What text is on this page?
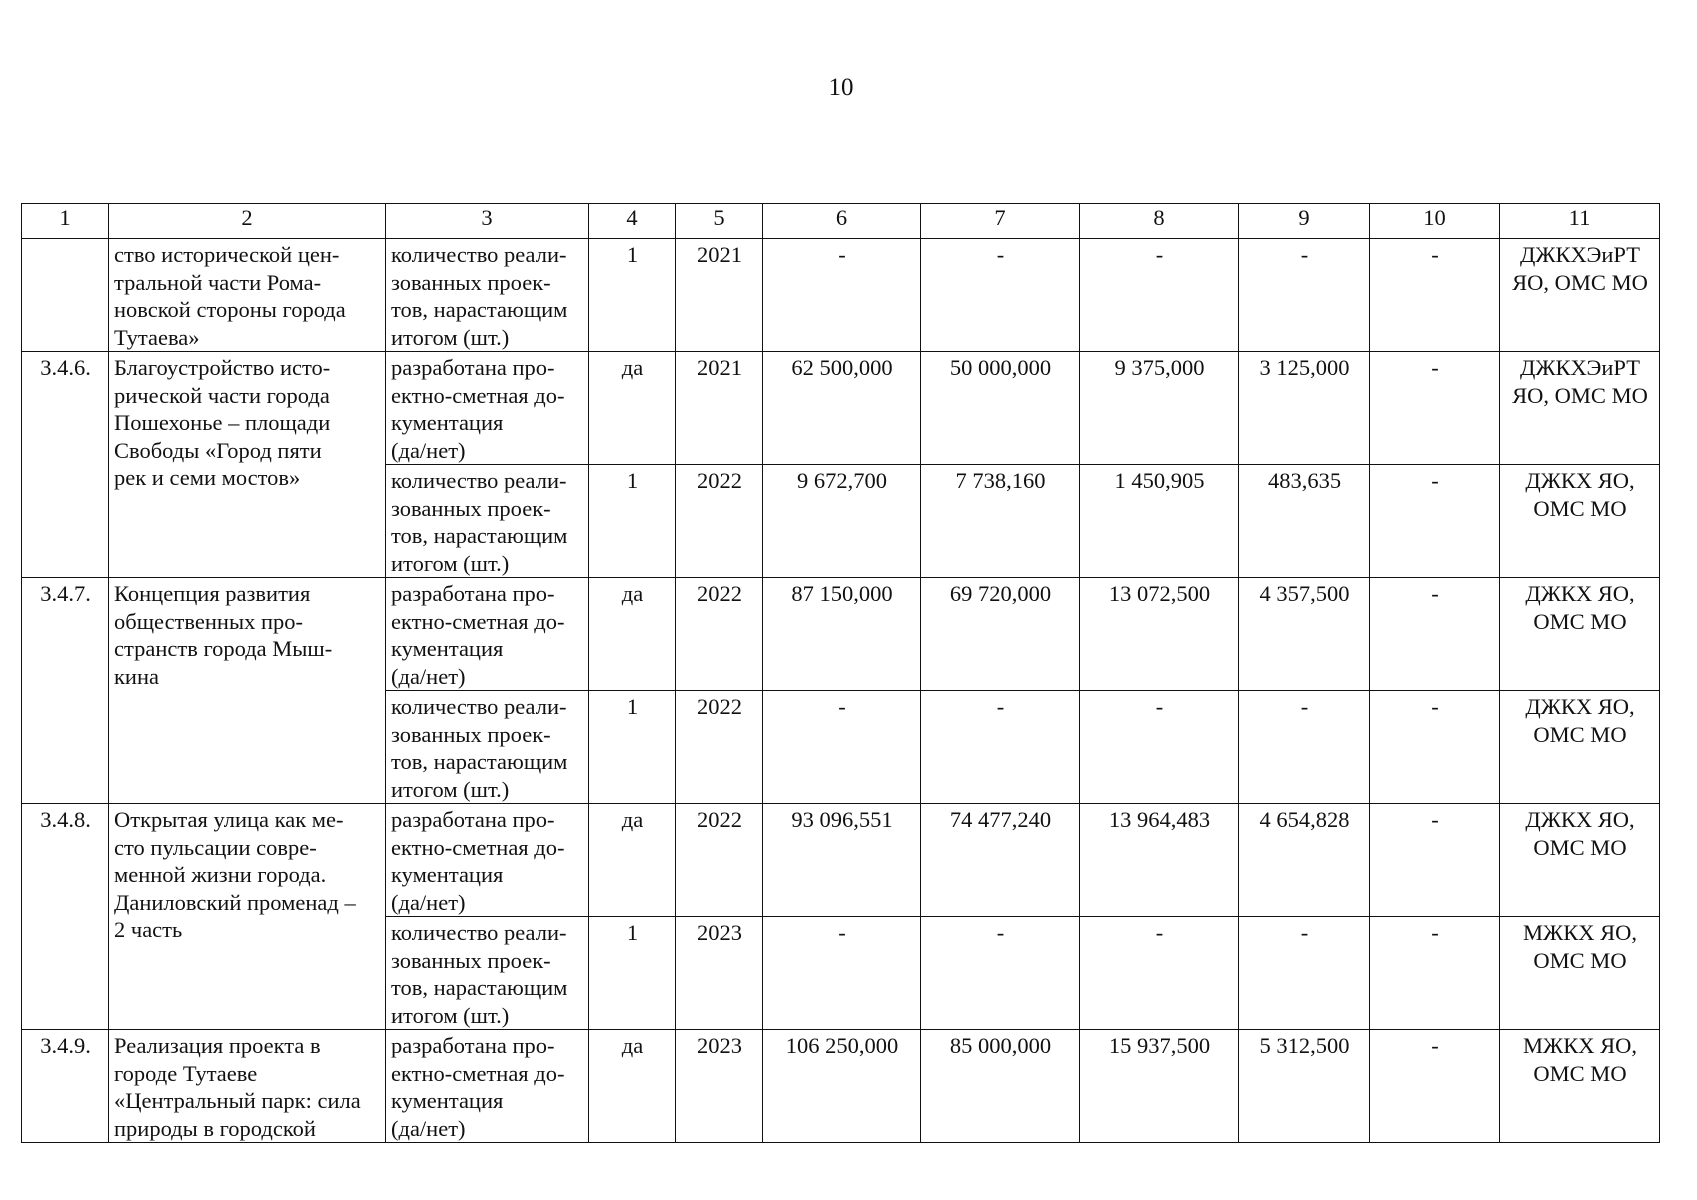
10
1	2	3	4	5	6	7	8	9	10	11
	ство исторической цен-
тральной части Рома-
новской стороны города
Тутаева»	количество реали-
зованных проек-
тов, нарастающим
итогом (шт.)	1	2021	-	-	-	-	-	ДЖКХЭиРТ
ЯО, ОМС МО
3.4.6.	Благоустройство исто-
рической части города
Пошехонье – площади
Свободы «Город пяти
рек и семи мостов»	разработана про-
ектно-сметная до-
кументация
(да/нет)	да	2021	62 500,000	50 000,000	9 375,000	3 125,000	-	ДЖКХЭиРТ
ЯО, ОМС МО
		количество реали-
зованных проек-
тов, нарастающим
итогом (шт.)	1	2022	9 672,700	7 738,160	1 450,905	483,635	-	ДЖКХ ЯО,
ОМС МО
3.4.7.	Концепция развития
общественных про-
странств города Мыш-
кина	разработана про-
ектно-сметная до-
кументация
(да/нет)	да	2022	87 150,000	69 720,000	13 072,500	4 357,500	-	ДЖКХ ЯО,
ОМС МО
		количество реали-
зованных проек-
тов, нарастающим
итогом (шт.)	1	2022	-	-	-	-	-	ДЖКХ ЯО,
ОМС МО
3.4.8.	Открытая улица как ме-
сто пульсации совре-
менной жизни города.
Даниловский променад –
2 часть	разработана про-
ектно-сметная до-
кументация
(да/нет)	да	2022	93 096,551	74 477,240	13 964,483	4 654,828	-	ДЖКХ ЯО,
ОМС МО
		количество реали-
зованных проек-
тов, нарастающим
итогом (шт.)	1	2023	-	-	-	-	-	МЖКХ ЯО,
ОМС МО
3.4.9.	Реализация проекта в
городе Тутаеве
«Центральный парк: сила
природы в городской	разработана про-
ектно-сметная до-
кументация
(да/нет)	да	2023	106 250,000	85 000,000	15 937,500	5 312,500	-	МЖКХ ЯО,
ОМС МО
